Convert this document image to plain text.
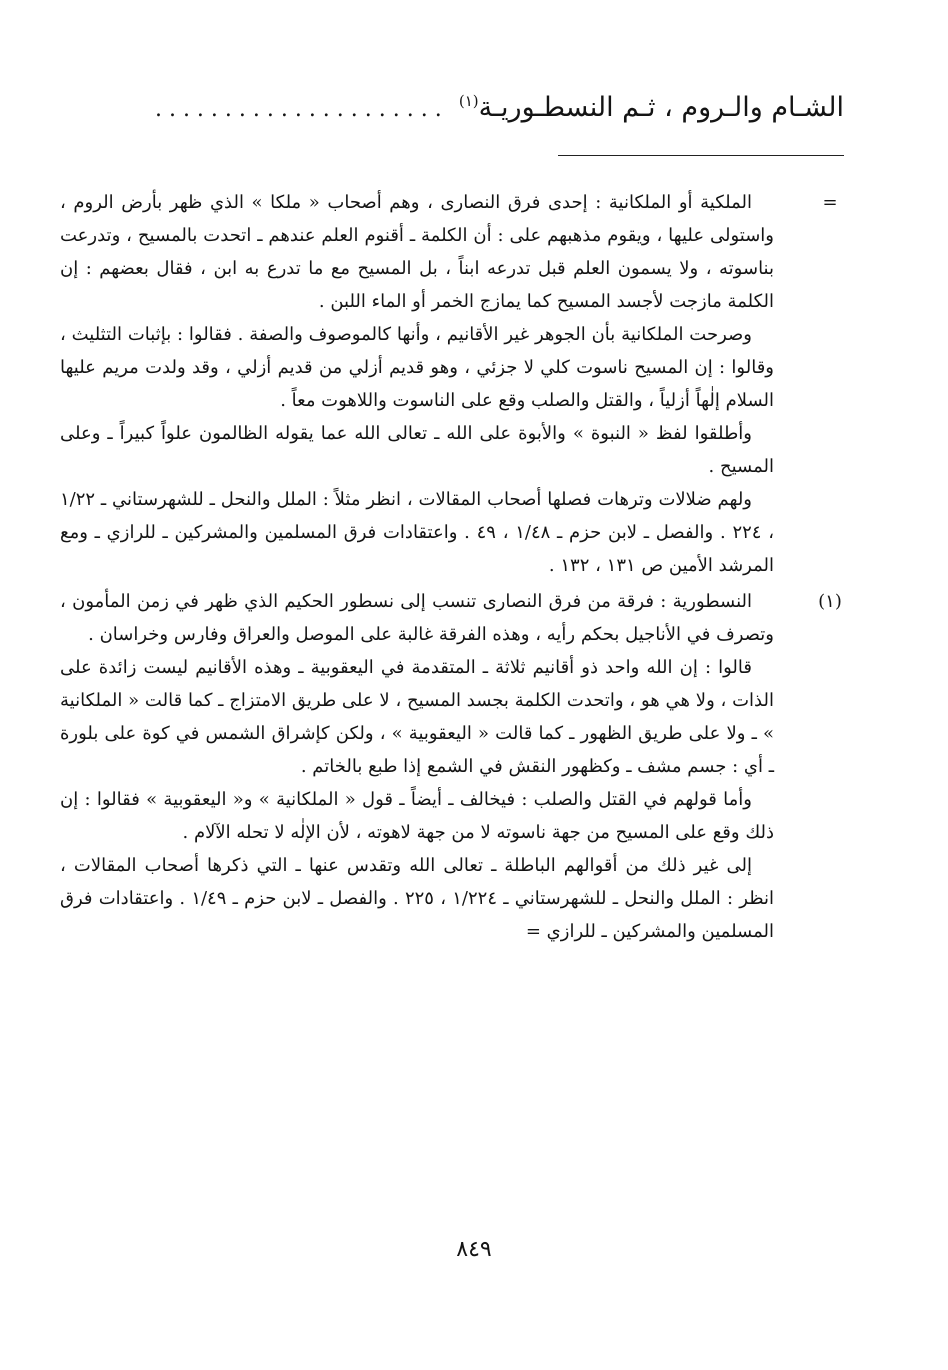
الشـام والـروم ، ثـم النسطـوريـة$^{(١)}$  . . . . . . . . . . . . . . . . . . . . .
=

الملكية أو الملكانية : إحدى فرق النصارى ، وهم أصحاب « ملكا » الذي ظهر بأرض الروم ، واستولى عليها ، ويقوم مذهبهم على : أن الكلمة ـ أقنوم العلم عندهم ـ اتحدت بالمسيح ، وتدرعت بناسوته ، ولا يسمون العلم قبل تدرعه ابناً ، بل المسيح مع ما تدرع به ابن ، فقال بعضهم : إن الكلمة مازجت لأجسد المسيح كما يمازج الخمر أو الماء اللبن .

وصرحت الملكانية بأن الجوهر غير الأقانيم ، وأنها كالموصوف والصفة . فقالوا : بإثبات التثليث ، وقالوا : إن المسيح ناسوت كلي لا جزئي ، وهو قديم أزلي من قديم أزلي ، وقد ولدت مريم عليها السلام إلٰهاً أزلياً ، والقتل والصلب وقع على الناسوت واللاهوت معاً .

وأطلقوا لفظ « النبوة » والأبوة على الله ـ تعالى الله عما يقوله الظالمون علواً كبيراً ـ وعلى المسيح .

ولهم ضلالات وترهات فصلها أصحاب المقالات ، انظر مثلاً : الملل والنحل ـ للشهرستاني ـ ١/٢٢ ، ٢٢٤ . والفصل ـ لابن حزم ـ ١/٤٨ ، ٤٩ . واعتقادات فرق المسلمين والمشركين ـ للرازي ـ ومع المرشد الأمين ص ١٣١ ، ١٣٢ .

(١)

النسطورية : فرقة من فرق النصارى تنسب إلى نسطور الحكيم الذي ظهر في زمن المأمون ، وتصرف في الأناجيل بحكم رأيه ، وهذه الفرقة غالبة على الموصل والعراق وفارس وخراسان .

قالوا : إن الله واحد ذو أقانيم ثلاثة ـ المتقدمة في اليعقوبية ـ وهذه الأقانيم ليست زائدة على الذات ، ولا هي هو ، واتحدت الكلمة بجسد المسيح ، لا على طريق الامتزاج ـ كما قالت « الملكانية » ـ ولا على طريق الظهور ـ كما قالت « اليعقوبية » ، ولكن كإشراق الشمس في كوة على بلورة ـ أي : جسم مشف ـ وكظهور النقش في الشمع إذا طبع بالخاتم .

وأما قولهم في القتل والصلب : فيخالف ـ أيضاً ـ قول « الملكانية » و« اليعقوبية » فقالوا : إن ذلك وقع على المسيح من جهة ناسوته لا من جهة لاهوته ، لأن الإلٰه لا تحله الآلام .

إلى غير ذلك من أقوالهم الباطلة ـ تعالى الله وتقدس عنها ـ التي ذكرها أصحاب المقالات ، انظر : الملل والنحل ـ للشهرستاني ـ ١/٢٢٤ ، ٢٢٥ . والفصل ـ لابن حزم ـ ١/٤٩ . واعتقادات فرق المسلمين والمشركين ـ للرازي =

٨٤٩
